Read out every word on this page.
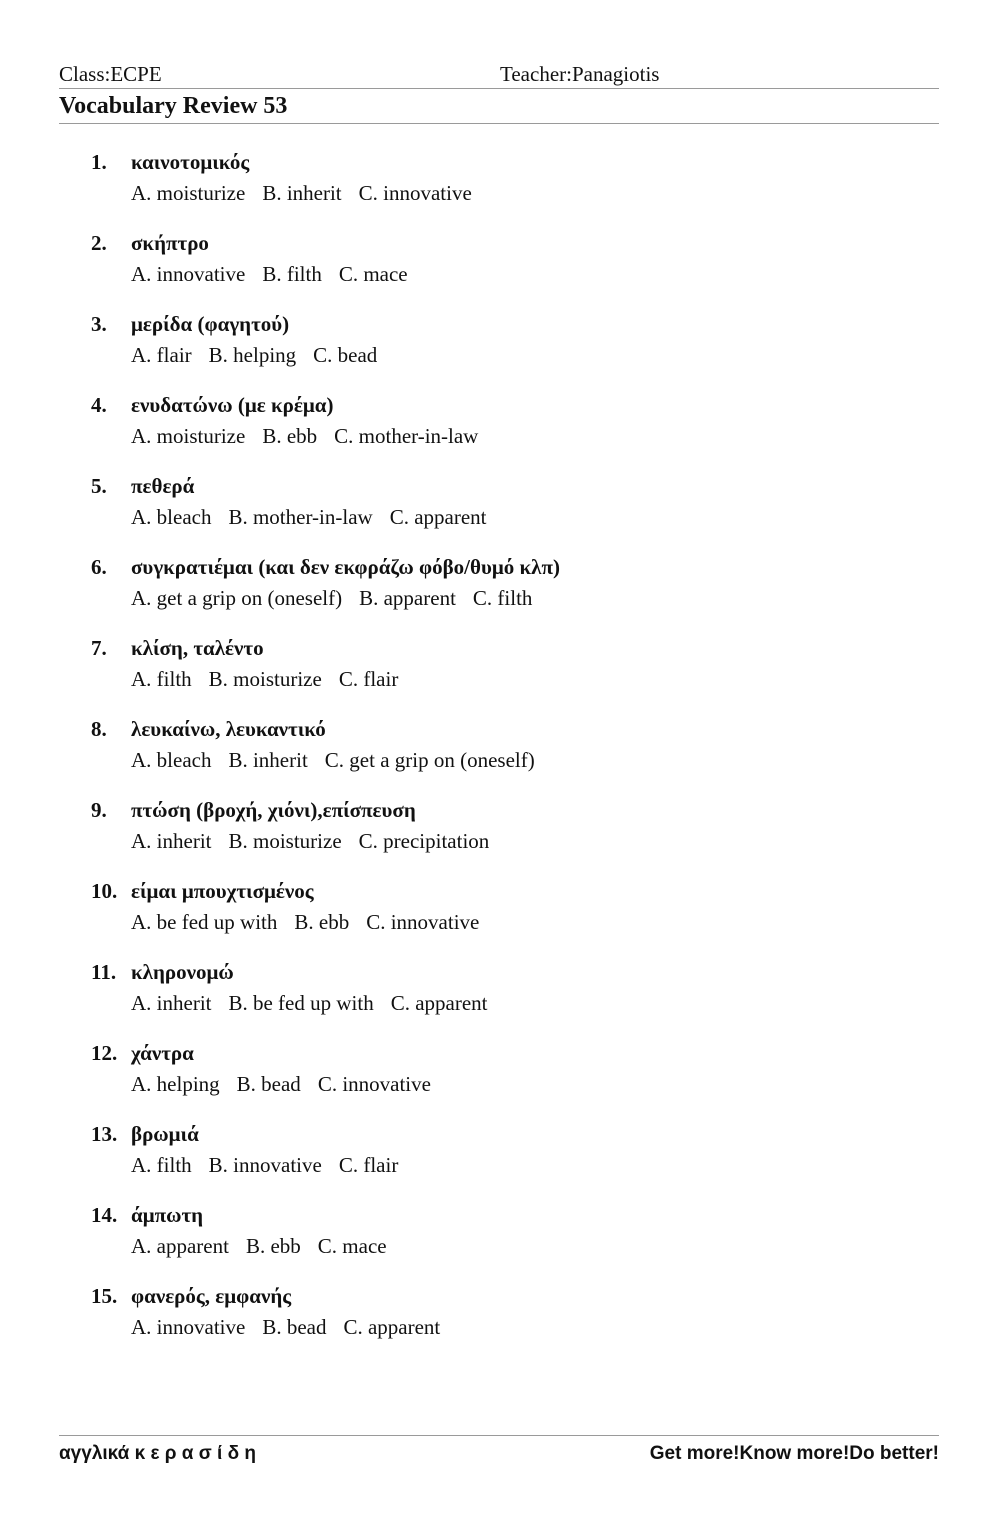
Class:ECPE	Teacher:Panagiotis
Vocabulary Review 53
1. καινοτομικός
A. moisturize B. inherit C. innovative
2. σκήπτρο
A. innovative B. filth C. mace
3. μερίδα (φαγητού)
A. flair B. helping C. bead
4. ενυδατώνω (με κρέμα)
A. moisturize B. ebb C. mother-in-law
5. πεθερά
A. bleach B. mother-in-law C. apparent
6. συγκρατιέμαι (και δεν εκφράζω φόβο/θυμό κλπ)
A. get a grip on (oneself) B. apparent C. filth
7. κλίση, ταλέντο
A. filth B. moisturize C. flair
8. λευκαίνω, λευκαντικό
A. bleach B. inherit C. get a grip on (oneself)
9. πτώση (βροχή, χιόνι),επίσπευση
A. inherit B. moisturize C. precipitation
10. είμαι μπουχτισμένος
A. be fed up with B. ebb C. innovative
11. κληρονομώ
A. inherit B. be fed up with C. apparent
12. χάντρα
A. helping B. bead C. innovative
13. βρωμιά
A. filth B. innovative C. flair
14. άμπωτη
A. apparent B. ebb C. mace
15. φανερός, εμφανής
A. innovative B. bead C. apparent
αγγλικά κ ε ρ α σ ί δ η	Get more!Know more!Do better!
